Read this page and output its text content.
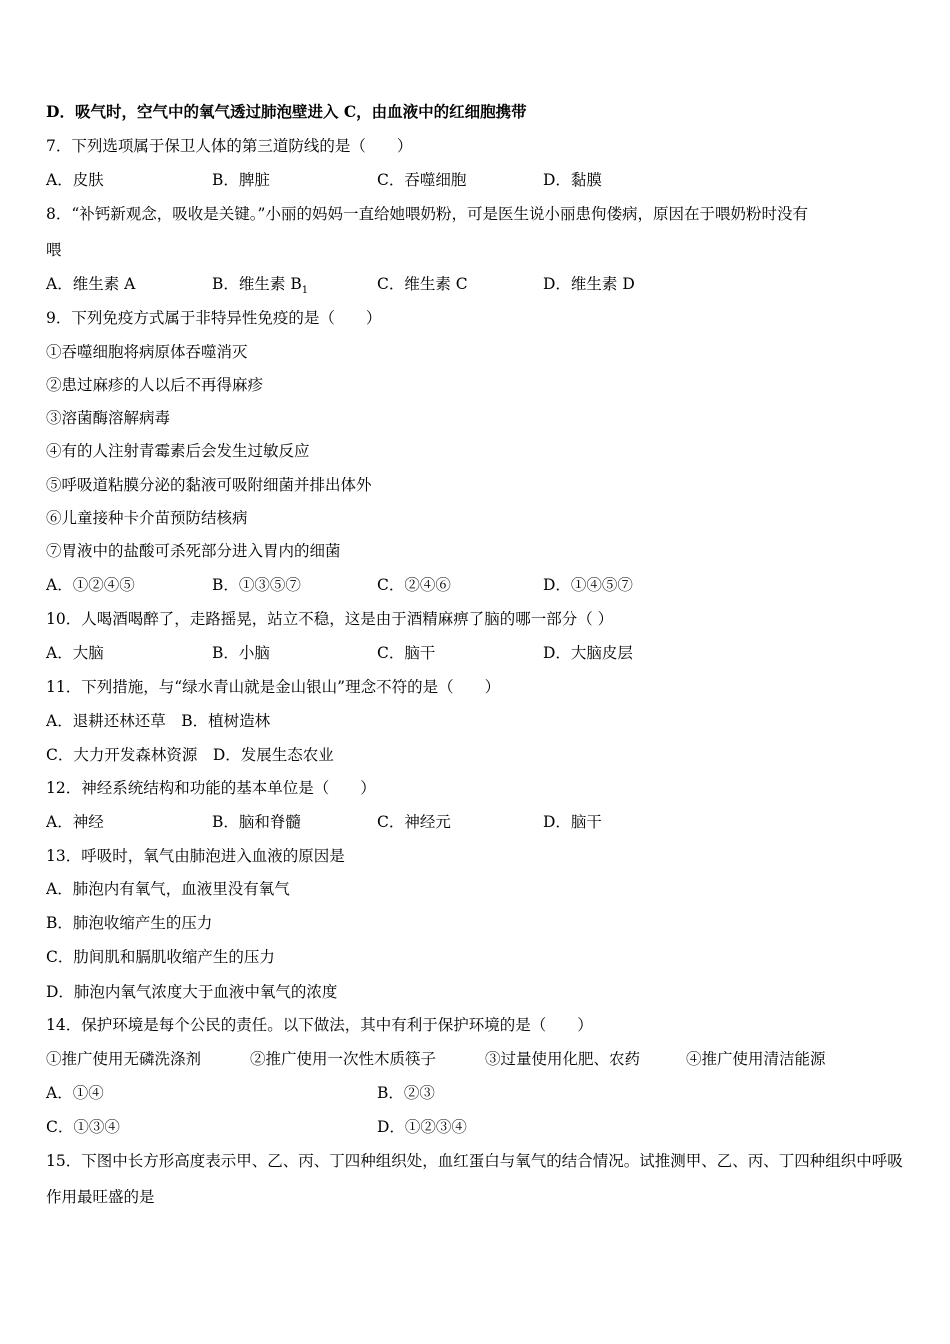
D．吸气时，空气中的氧气透过肺泡壁进入 C，由血液中的红细胞携带
7．下列选项属于保卫人体的第三道防线的是（　　）
A．皮肤	B．脾脏	C．吞噬细胞	D．黏膜
8．“补钙新观念，吸收是关键。”小丽的妈妈一直给她喂奶粉，可是医生说小丽患佝偻病，原因在于喂奶粉时没有
喂
A．维生素 A	B．维生素 $B_1$	C．维生素 C	D．维生素 D
9．下列免疫方式属于非特异性免疫的是（　　）
①吞噬细胞将病原体吞噬消灭
②患过麻疹的人以后不再得麻疹
③溶菌酶溶解病毒
④有的人注射青霉素后会发生过敏反应
⑤呼吸道粘膜分泌的黏液可吸附细菌并排出体外
⑥儿童接种卡介苗预防结核病
⑦胃液中的盐酸可杀死部分进入胃内的细菌
A．①②④⑤	B．①③⑤⑦	C．②④⑥	D．①④⑤⑦
10．人喝酒喝醉了，走路摇晃，站立不稳，这是由于酒精麻痹了脑的哪一部分（ ）
A．大脑	B．小脑	C．脑干	D．大脑皮层
11．下列措施，与“绿水青山就是金山银山”理念不符的是（　　）
A．退耕还林还草　B．植树造林
C．大力开发森林资源　D．发展生态农业
12．神经系统结构和功能的基本单位是（　　）
A．神经	B．脑和脊髓	C．神经元	D．脑干
13．呼吸时，氧气由肺泡进入血液的原因是
A．肺泡内有氧气，血液里没有氧气
B．肺泡收缩产生的压力
C．肋间肌和膈肌收缩产生的压力
D．肺泡内氧气浓度大于血液中氧气的浓度
14．保护环境是每个公民的责任。以下做法，其中有利于保护环境的是（　　）
①推广使用无磷洗涤剂	②推广使用一次性木质筷子	③过量使用化肥、农药	④推广使用清洁能源
A．①④	B．②③
C．①③④	D．①②③④
15．下图中长方形高度表示甲、乙、丙、丁四种组织处，血红蛋白与氧气的结合情况。试推测甲、乙、丙、丁四种组织中呼吸作用最旺盛的是
